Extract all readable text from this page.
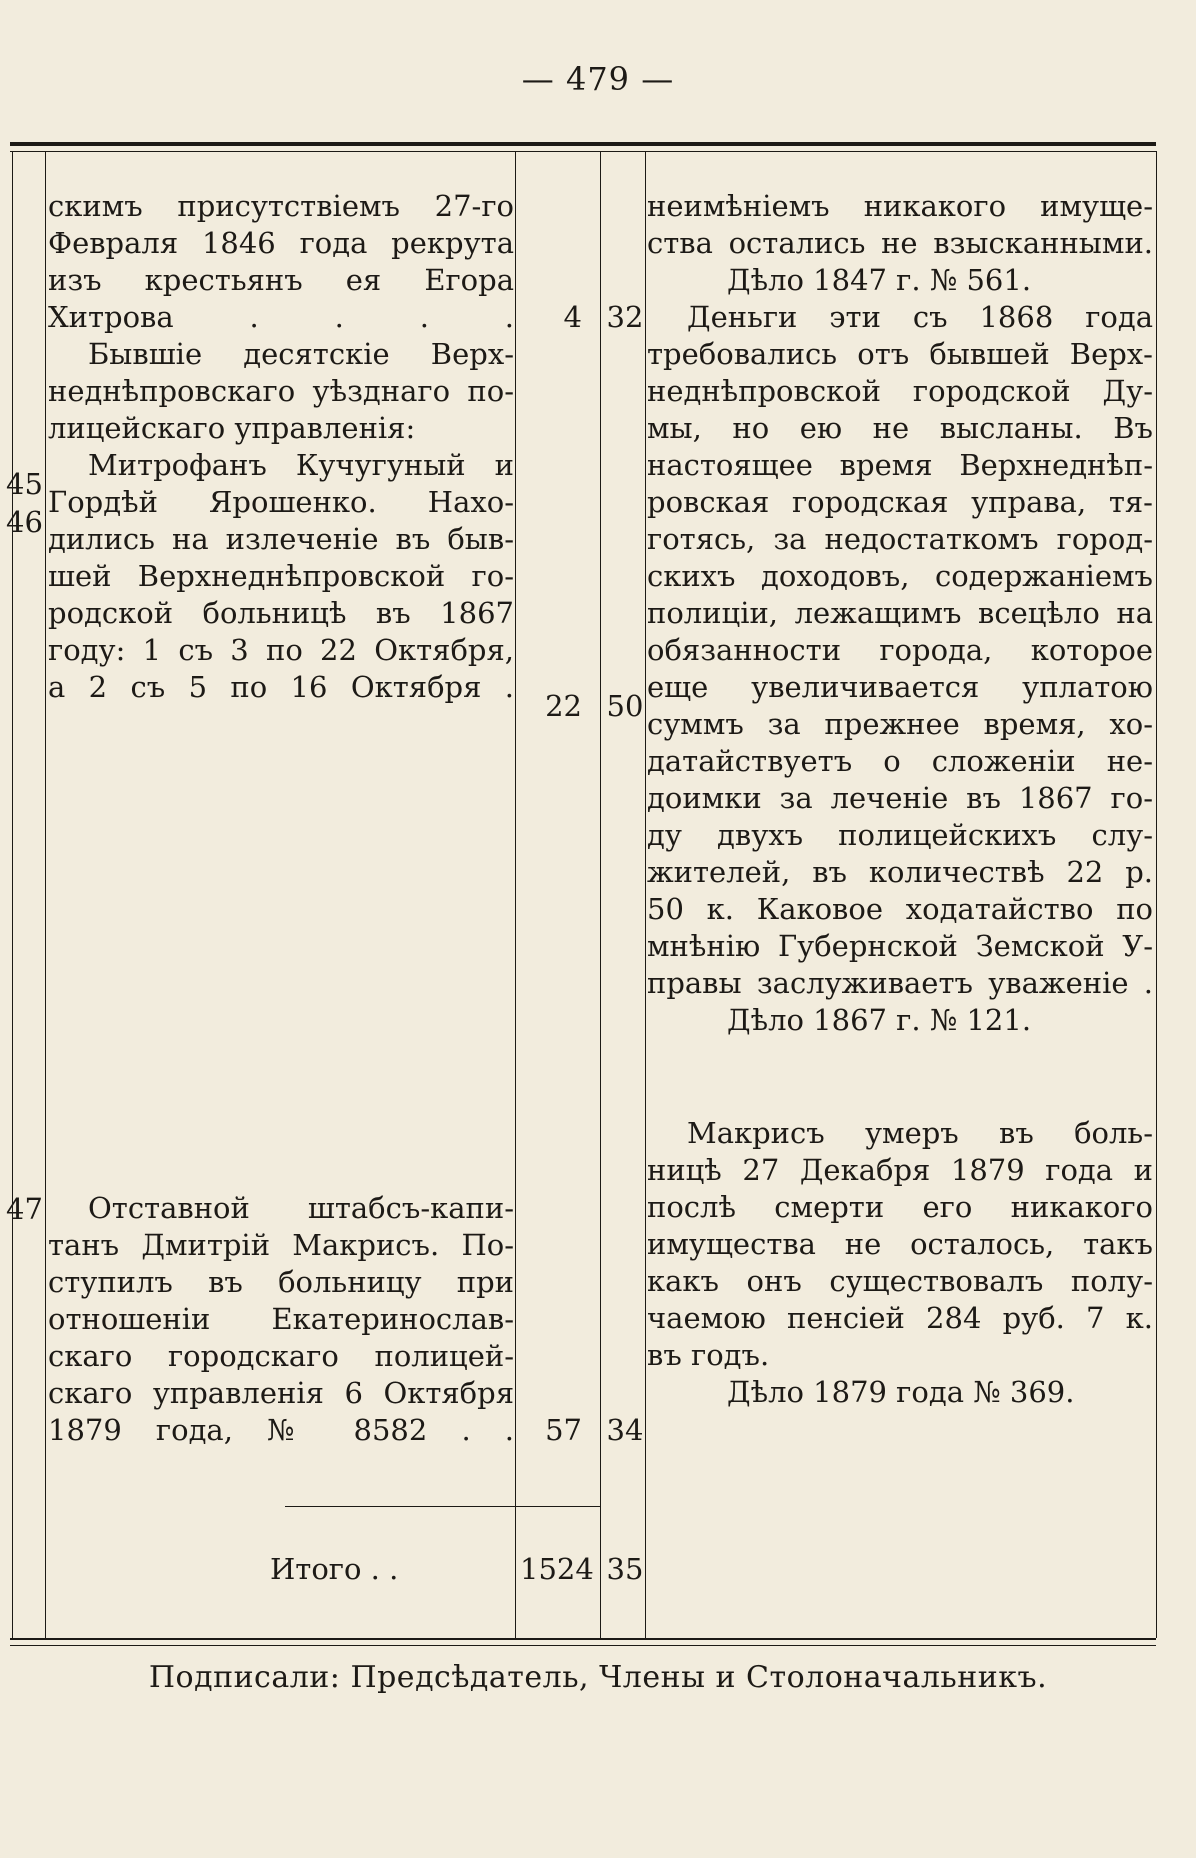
— 479 —
45
46
47
скимъ присутствіемъ 27-го
Февраля 1846 года рекрута
изъ крестьянъ ея Егора
Хитрова . . . .
Бывшіе десятскіе Верх-
неднѣпровскаго уѣзднаго по-
лицейскаго управленія:
Митрофанъ Кучугуный и
Гордѣй Ярошенко. Нахо-
дились на излеченіе въ быв-
шей Верхнеднѣпровской го-
родской больницѣ въ 1867
году: 1 съ 3 по 22 Октября,
а 2 съ 5 по 16 Октября .
Отставной штабсъ-капи-
танъ Дмитрій Макрисъ. По-
ступилъ въ больницу при
отношеніи Екатеринослав-
скаго городскаго полицей-
скаго управленія 6 Октября
1879 года, № 8582 . .
4 32
22 50
57 34
Итого . .	1524 35
неимѣніемъ никакого имуще-
ства остались не взысканными.
Дѣло 1847 г. № 561.
Деньги эти съ 1868 года
требовались отъ бывшей Верх-
неднѣпровской городской Ду-
мы, но ею не высланы. Въ
настоящее время Верхнеднѣп-
ровская городская управа, тя-
готясь, за недостаткомъ город-
скихъ доходовъ, содержаніемъ
полиціи, лежащимъ всецѣло на
обязанности города, которое
еще увеличивается уплатою
суммъ за прежнее время, хо-
датайствуетъ о сложеніи не-
доимки за леченіе въ 1867 го-
ду двухъ полицейскихъ слу-
жителей, въ количествѣ 22 р.
50 к. Каковое ходатайство по
мнѣнію Губернской Земской У-
правы заслуживаетъ уваженіе .
Дѣло 1867 г. № 121.
Макрисъ умеръ въ боль-
ницѣ 27 Декабря 1879 года и
послѣ смерти его никакого
имущества не осталось, такъ
какъ онъ существовалъ полу-
чаемою пенсіей 284 руб. 7 к.
въ годъ.
Дѣло 1879 года № 369.
Подписали: Предсѣдатель, Члены и Столоначальникъ.
